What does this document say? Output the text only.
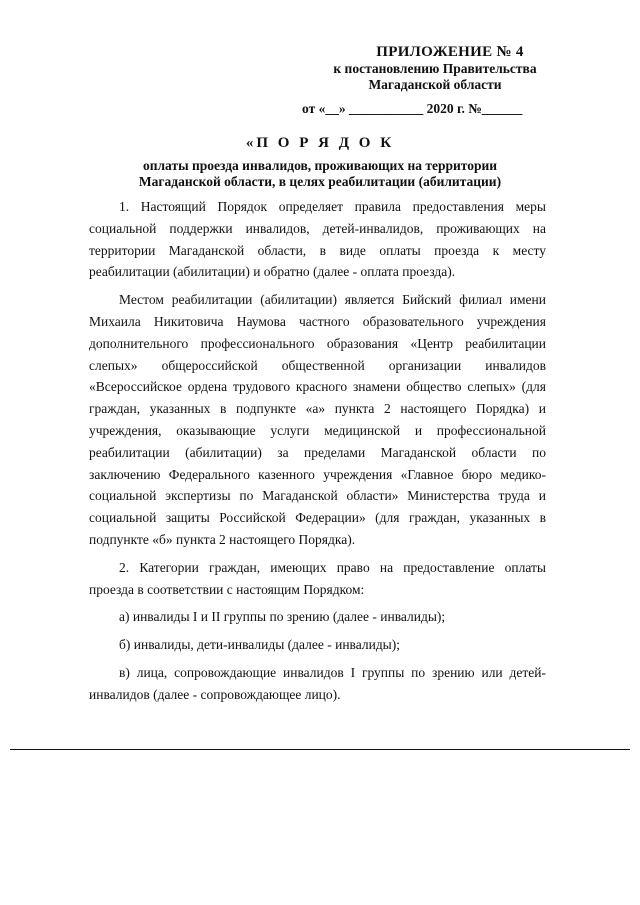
ПРИЛОЖЕНИЕ № 4
к постановлению Правительства
Магаданской области
от «__» ___________ 2020 г. №______
«П О Р Я Д О К
оплаты проезда инвалидов, проживающих на территории Магаданской области, в целях реабилитации (абилитации)

1. Настоящий Порядок определяет правила предоставления меры социальной поддержки инвалидов, детей-инвалидов, проживающих на территории Магаданской области, в виде оплаты проезда к месту реабилитации (абилитации) и обратно (далее - оплата проезда).

Местом реабилитации (абилитации) является Бийский филиал имени Михаила Никитовича Наумова частного образовательного учреждения дополнительного профессионального образования «Центр реабилитации слепых» общероссийской общественной организации инвалидов «Всероссийское ордена трудового красного знамени общество слепых» (для граждан, указанных в подпункте «а» пункта 2 настоящего Порядка) и учреждения, оказывающие услуги медицинской и профессиональной реабилитации (абилитации) за пределами Магаданской области по заключению Федерального казенного учреждения «Главное бюро медико-социальной экспертизы по Магаданской области» Министерства труда и социальной защиты Российской Федерации» (для граждан, указанных в подпункте «б» пункта 2 настоящего Порядка).

2. Категории граждан, имеющих право на предоставление оплаты проезда в соответствии с настоящим Порядком:

а) инвалиды I и II группы по зрению (далее - инвалиды);

б) инвалиды, дети-инвалиды (далее - инвалиды);

в) лица, сопровождающие инвалидов I группы по зрению или детей-инвалидов (далее - сопровождающее лицо).
